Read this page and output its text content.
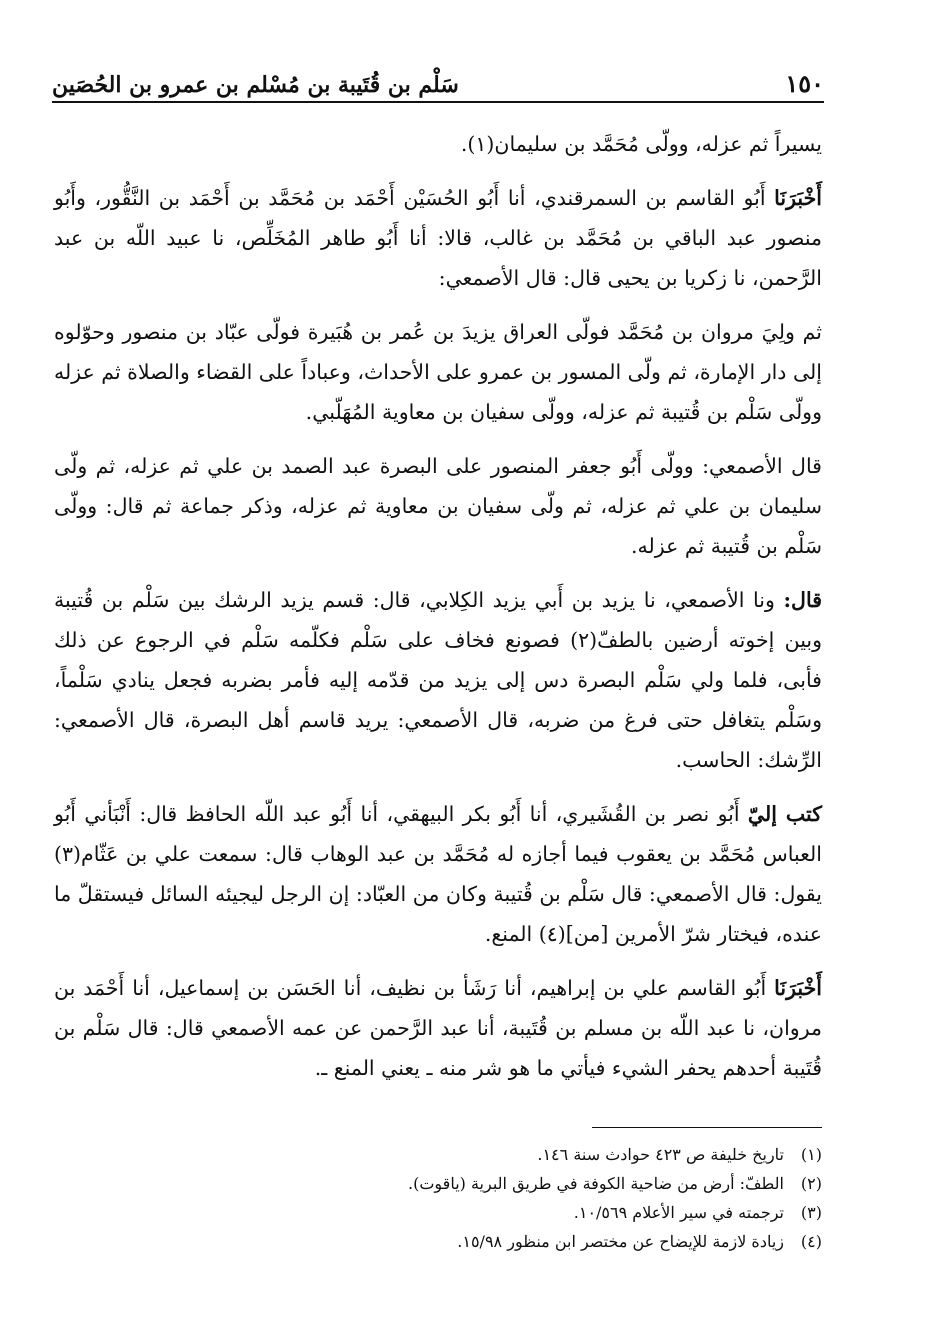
١٥٠
سَلْم بن قُتَيبة بن مُسْلم بن عمرو بن الحُصَين

يسيراً ثم عزله، وولّى مُحَمَّد بن سليمان(١).

أَخْبَرَنَا أَبُو القاسم بن السمرقندي، أنا أَبُو الحُسَيْن أَحْمَد بن مُحَمَّد بن أَحْمَد بن النَّقُّور، وأَبُو منصور عبد الباقي بن مُحَمَّد بن غالب، قالا: أنا أَبُو طاهر المُخَلِّص، نا عبيد اللّه بن عبد الرَّحمن، نا زكريا بن يحيى قال: قال الأصمعي:

ثم ولِيَ مروان بن مُحَمَّد فولّى العراق يزيدَ بن عُمر بن هُبَيرة فولّى عبّاد بن منصور وحوّلوه إلى دار الإمارة، ثم ولّى المسور بن عمرو على الأحداث، وعباداً على القضاء والصلاة ثم عزله وولّى سَلْم بن قُتيبة ثم عزله، وولّى سفيان بن معاوية المُهَلّبي.

قال الأصمعي: وولّى أَبُو جعفر المنصور على البصرة عبد الصمد بن علي ثم عزله، ثم ولّى سليمان بن علي ثم عزله، ثم ولّى سفيان بن معاوية ثم عزله، وذكر جماعة ثم قال: وولّى سَلْم بن قُتيبة ثم عزله.

قال: ونا الأصمعي، نا يزيد بن أَبي يزيد الكِلابي، قال: قسم يزيد الرشك بين سَلْم بن قُتيبة وبين إخوته أرضين بالطفّ(٢) فصونع فخاف على سَلْم فكلّمه سَلْم في الرجوع عن ذلك فأبى، فلما ولي سَلْم البصرة دس إلى يزيد من قدّمه إليه فأمر بضربه فجعل ينادي سَلْماً، وسَلْم يتغافل حتى فرغ من ضربه، قال الأصمعي: يريد قاسم أهل البصرة، قال الأصمعي: الرِّشك: الحاسب.

كتب إليّ أَبُو نصر بن القُشَيري، أنا أَبُو بكر البيهقي، أنا أَبُو عبد اللّه الحافظ قال: أَنْبَأني أَبُو العباس مُحَمَّد بن يعقوب فيما أجازه له مُحَمَّد بن عبد الوهاب قال: سمعت علي بن عَثّام(٣) يقول: قال الأصمعي: قال سَلْم بن قُتيبة وكان من العبّاد: إن الرجل ليجيئه السائل فيستقلّ ما عنده، فيختار شرّ الأمرين [من](٤) المنع.

أَخْبَرَنَا أَبُو القاسم علي بن إبراهيم، أنا رَشَأ بن نظيف، أنا الحَسَن بن إسماعيل، أنا أَحْمَد بن مروان، نا عبد اللّه بن مسلم بن قُتَيبة، أنا عبد الرَّحمن عن عمه الأصمعي قال: قال سَلْم بن قُتَيبة أحدهم يحفر الشيء فيأتي ما هو شر منه ـ يعني المنع ـ.

(١)
تاريخ خليفة ص ٤٢٣ حوادث سنة ١٤٦.
(٢)
الطفّ: أرض من ضاحية الكوفة في طريق البرية (ياقوت).
(٣)
ترجمته في سير الأعلام ١٠/٥٦٩.
(٤)
زيادة لازمة للإيضاح عن مختصر ابن منظور ١٥/٩٨.
